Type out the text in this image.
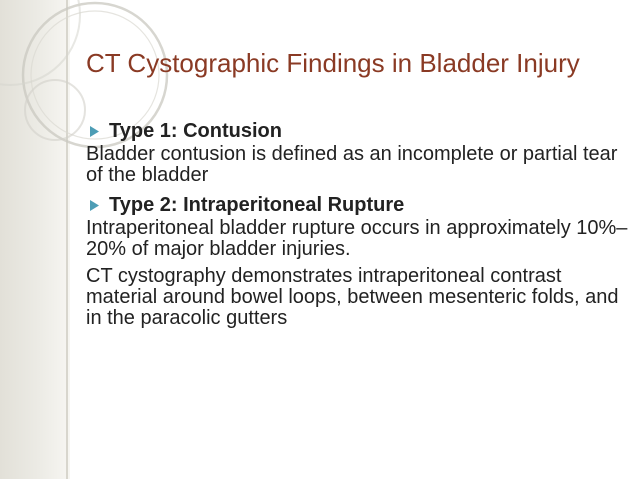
CT Cystographic Findings in Bladder Injury

Type 1: Contusion

Bladder contusion is defined as an incomplete or partial tear of the bladder

Type 2: Intraperitoneal Rupture

Intraperitoneal bladder rupture occurs in approximately 10%–20% of major bladder injuries.

CT cystography demonstrates intraperitoneal contrast material around bowel loops, between mesenteric folds, and in the paracolic gutters
